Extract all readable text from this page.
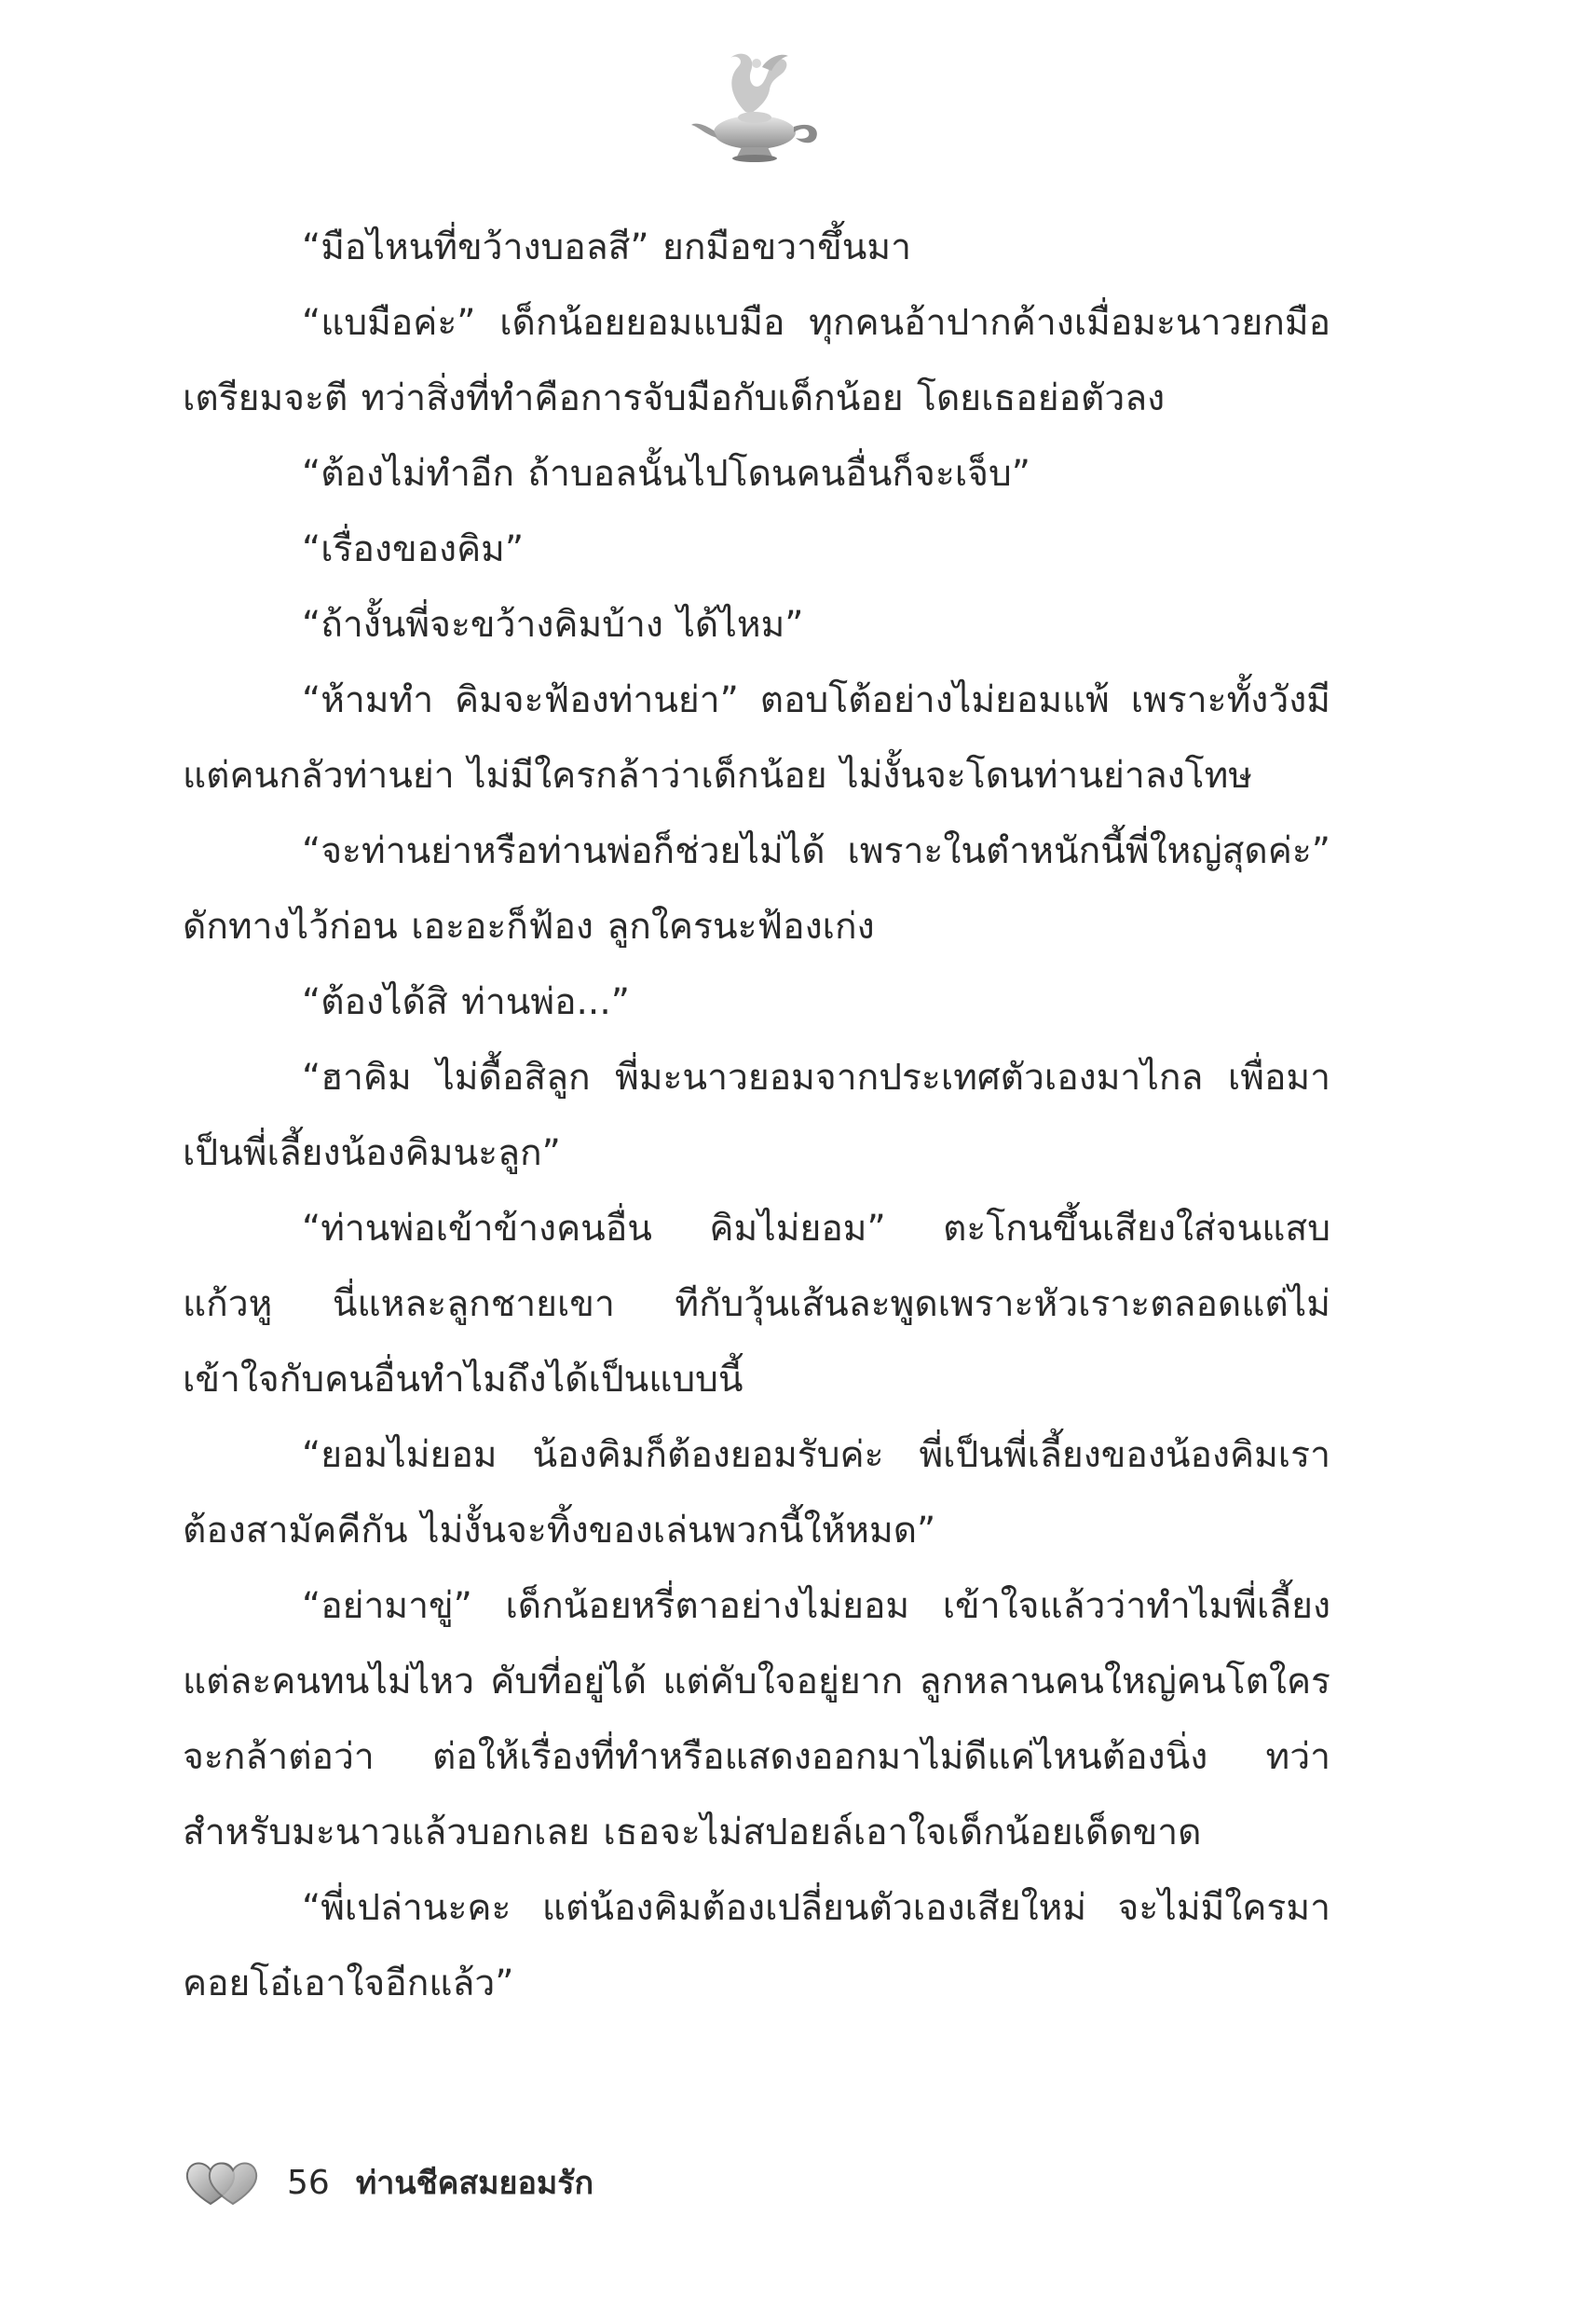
“มือไหนที่ขว้างบอลสี” ยกมือขวาขึ้นมา

“แบมือค่ะ” เด็กน้อยยอมแบมือ ทุกคนอ้าปากค้างเมื่อมะนาวยกมือเตรียมจะตี ทว่าสิ่งที่ทำคือการจับมือกับเด็กน้อย โดยเธอย่อตัวลง

“ต้องไม่ทำอีก ถ้าบอลนั้นไปโดนคนอื่นก็จะเจ็บ”

“เรื่องของคิม”

“ถ้างั้นพี่จะขว้างคิมบ้าง ได้ไหม”

“ห้ามทำ คิมจะฟ้องท่านย่า” ตอบโต้อย่างไม่ยอมแพ้ เพราะทั้งวังมีแต่คนกลัวท่านย่า ไม่มีใครกล้าว่าเด็กน้อย ไม่งั้นจะโดนท่านย่าลงโทษ

“จะท่านย่าหรือท่านพ่อก็ช่วยไม่ได้ เพราะในตำหนักนี้พี่ใหญ่สุดค่ะ” ดักทางไว้ก่อน เอะอะก็ฟ้อง ลูกใครนะฟ้องเก่ง

“ต้องได้สิ ท่านพ่อ...”

“ฮาคิม ไม่ดื้อสิลูก พี่มะนาวยอมจากประเทศตัวเองมาไกล เพื่อมาเป็นพี่เลี้ยงน้องคิมนะลูก”

“ท่านพ่อเข้าข้างคนอื่น คิมไม่ยอม” ตะโกนขึ้นเสียงใส่จนแสบแก้วหู นี่แหละลูกชายเขา ทีกับวุ้นเส้นละพูดเพราะหัวเราะตลอดแต่ไม่เข้าใจกับคนอื่นทำไมถึงได้เป็นแบบนี้

“ยอมไม่ยอม น้องคิมก็ต้องยอมรับค่ะ พี่เป็นพี่เลี้ยงของน้องคิมเราต้องสามัคคีกัน ไม่งั้นจะทิ้งของเล่นพวกนี้ให้หมด”

“อย่ามาขู่” เด็กน้อยหรี่ตาอย่างไม่ยอม เข้าใจแล้วว่าทำไมพี่เลี้ยงแต่ละคนทนไม่ไหว คับที่อยู่ได้ แต่คับใจอยู่ยาก ลูกหลานคนใหญ่คนโตใครจะกล้าต่อว่า ต่อให้เรื่องที่ทำหรือแสดงออกมาไม่ดีแค่ไหนต้องนิ่ง ทว่าสำหรับมะนาวแล้วบอกเลย เธอจะไม่สปอยล์เอาใจเด็กน้อยเด็ดขาด

“พี่เปล่านะคะ แต่น้องคิมต้องเปลี่ยนตัวเองเสียใหม่ จะไม่มีใครมาคอยโอ๋เอาใจอีกแล้ว”

56 ท่านชีคสมยอมรัก
